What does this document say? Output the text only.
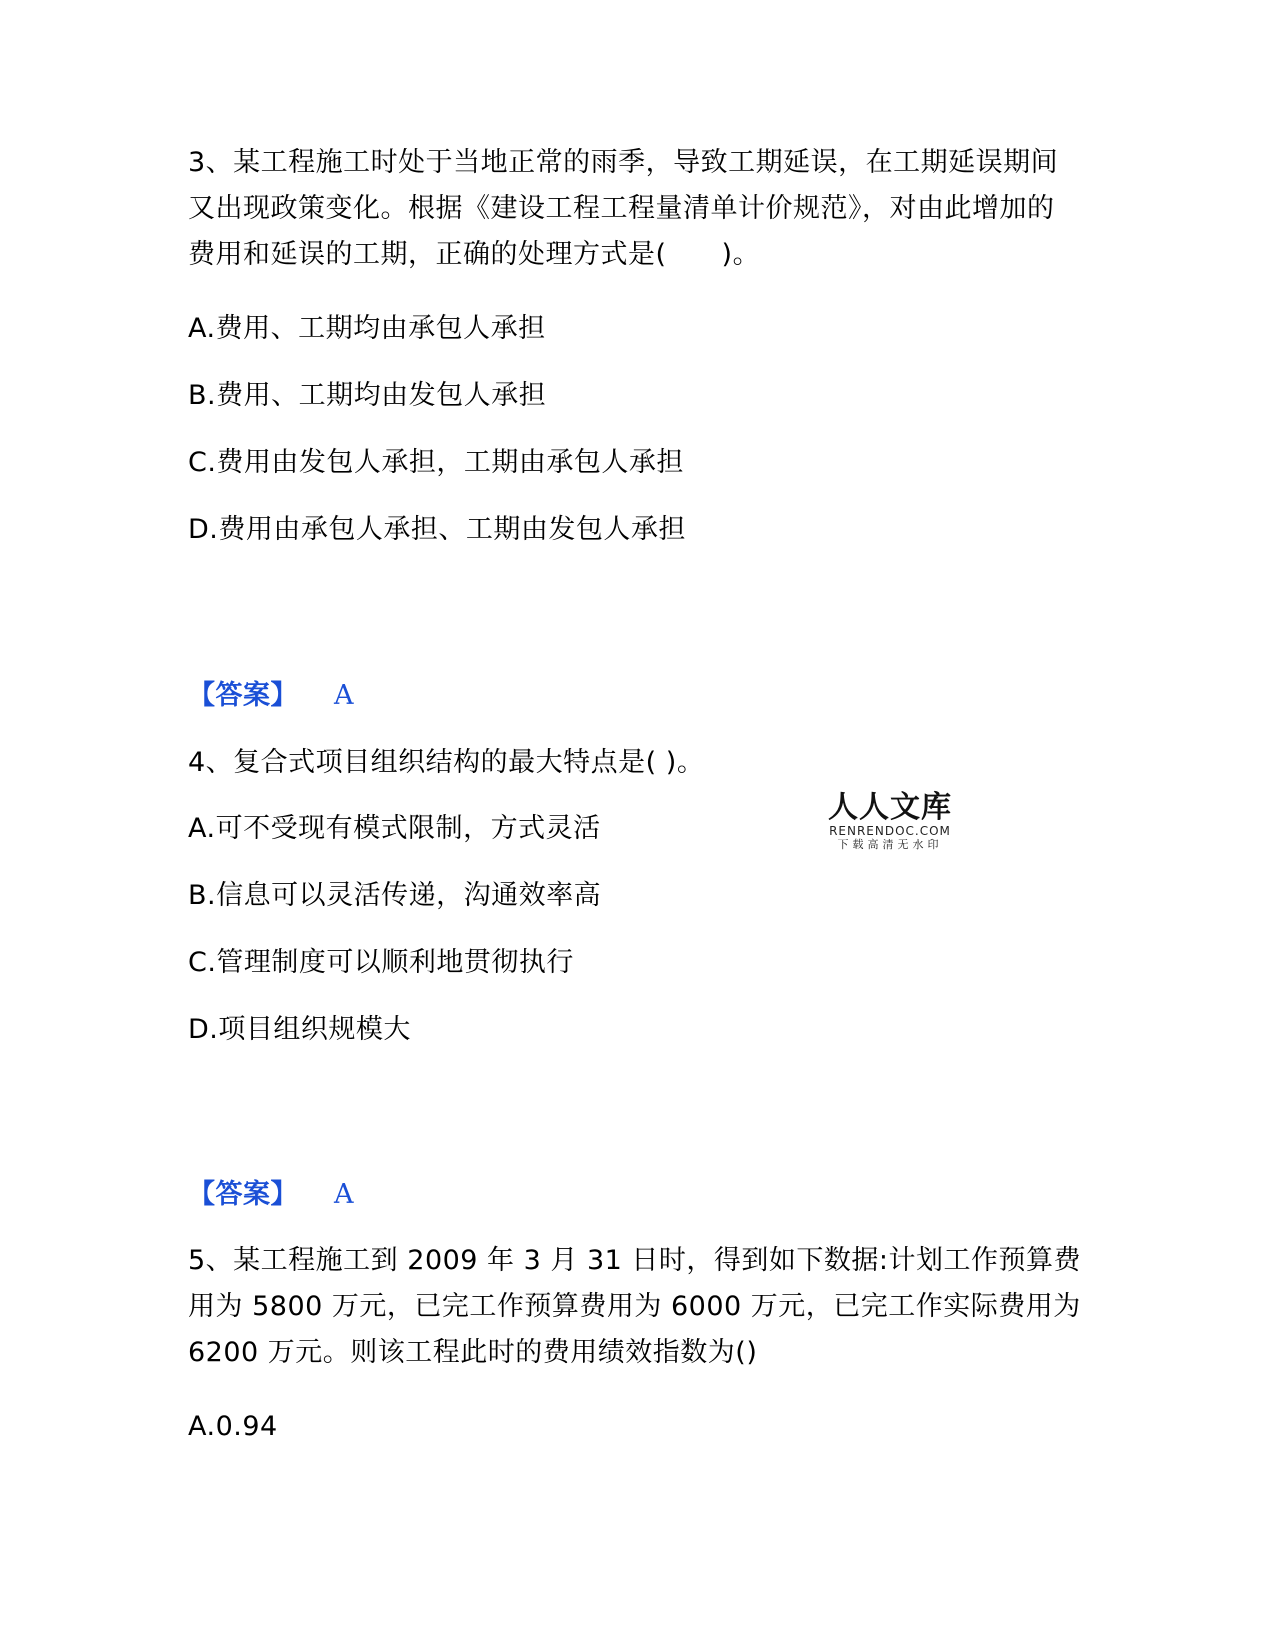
3、某工程施工时处于当地正常的雨季，导致工期延误，在工期延误期间
又出现政策变化。根据《建设工程工程量清单计价规范》，对由此增加的
费用和延误的工期，正确的处理方式是(　　)。
A.费用、工期均由承包人承担
B.费用、工期均由发包人承担
C.费用由发包人承担，工期由承包人承担
D.费用由承包人承担、工期由发包人承担
【答案】 A
4、复合式项目组织结构的最大特点是( )。
A.可不受现有模式限制，方式灵活
B.信息可以灵活传递，沟通效率高
C.管理制度可以顺利地贯彻执行
D.项目组织规模大
【答案】 A
5、某工程施工到 2009 年 3 月 31 日时，得到如下数据:计划工作预算费
用为 5800 万元，已完工作预算费用为 6000 万元，已完工作实际费用为
6200 万元。则该工程此时的费用绩效指数为()
A.0.94
人人文库
RENRENDOC.COM
下载高清无水印
